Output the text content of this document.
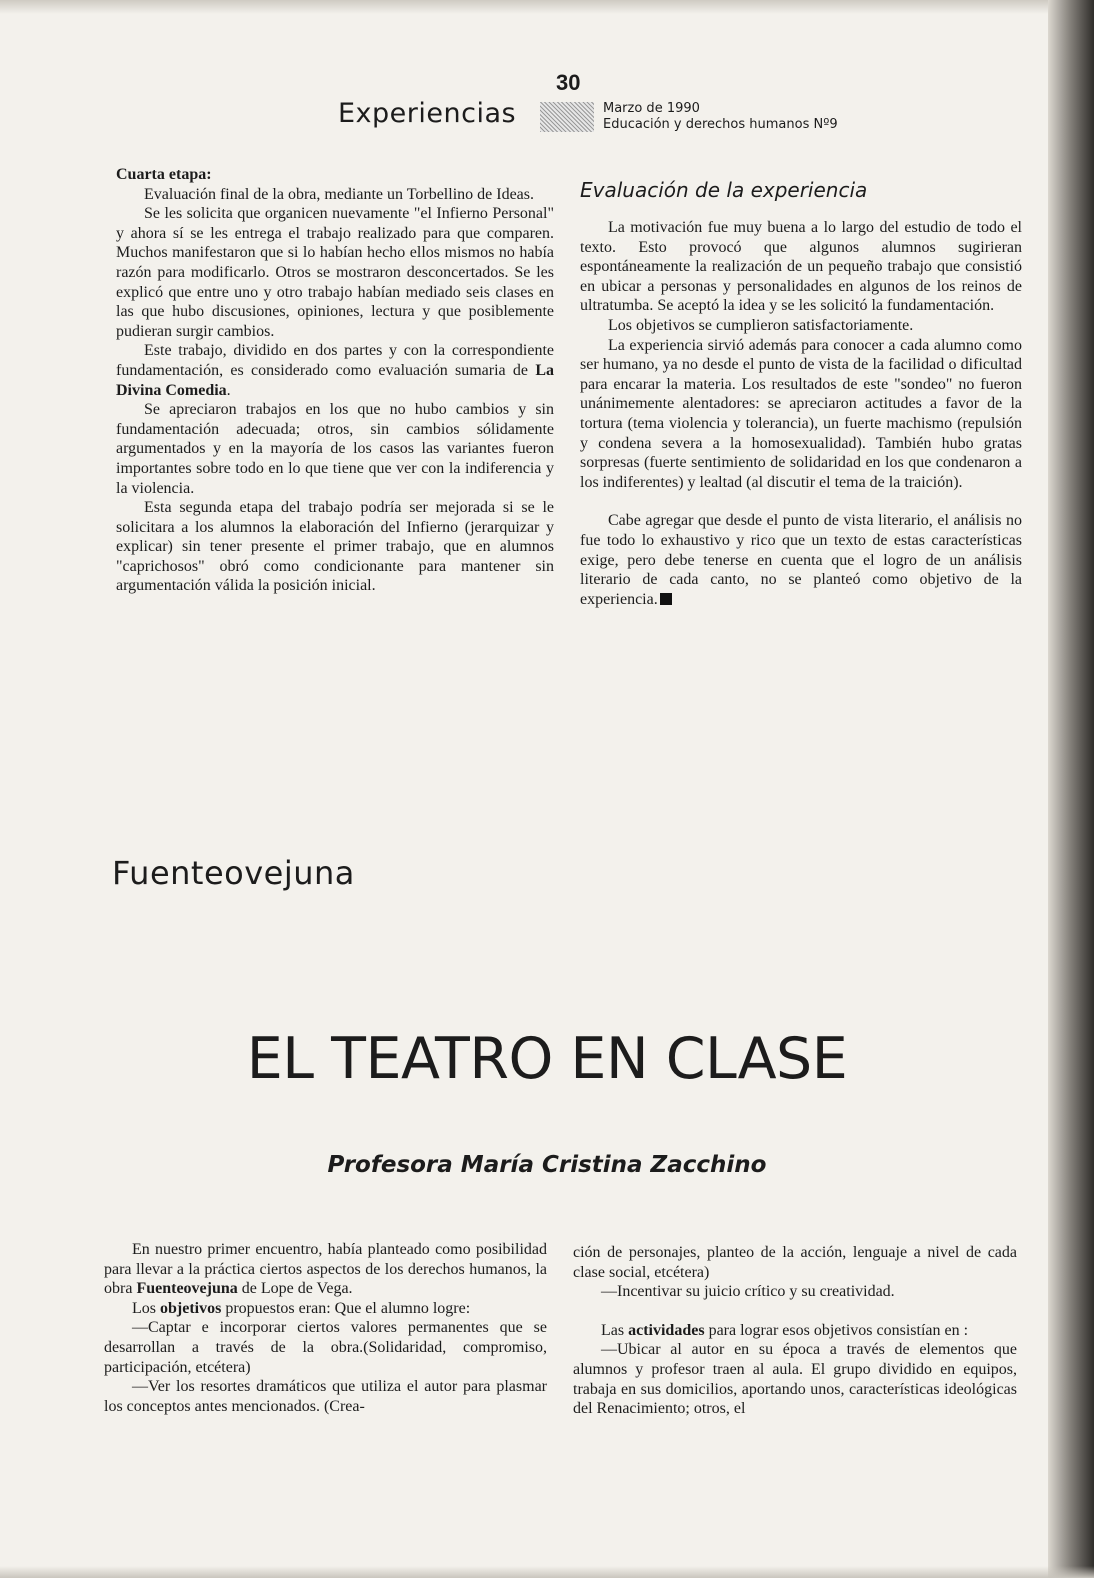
30
Experiencias	Marzo de 1990
Educación y derechos humanos Nº9

Cuarta etapa:

Evaluación final de la obra, mediante un Torbellino de Ideas.

Se les solicita que organicen nuevamente "el Infierno Personal" y ahora sí se les entrega el trabajo realizado para que comparen. Muchos manifestaron que si lo habían hecho ellos mismos no había razón para modificarlo. Otros se mostraron desconcertados. Se les explicó que entre uno y otro trabajo habían mediado seis clases en las que hubo discusiones, opiniones, lectura y que posiblemente pudieran surgir cambios.

Este trabajo, dividido en dos partes y con la correspondiente fundamentación, es considerado como evaluación sumaria de La Divina Comedia.

Se apreciaron trabajos en los que no hubo cambios y sin fundamentación adecuada; otros, sin cambios sólidamente argumentados y en la mayoría de los casos las variantes fueron importantes sobre todo en lo que tiene que ver con la indiferencia y la violencia.

Esta segunda etapa del trabajo podría ser mejorada si se le solicitara a los alumnos la elaboración del Infierno (jerarquizar y explicar) sin tener presente el primer trabajo, que en alumnos "caprichosos" obró como condicionante para mantener sin argumentación válida la posición inicial.

Evaluación de la experiencia

La motivación fue muy buena a lo largo del estudio de todo el texto. Esto provocó que algunos alumnos sugirieran espontáneamente la realización de un pequeño trabajo que consistió en ubicar a personas y personalidades en algunos de los reinos de ultratumba. Se aceptó la idea y se les solicitó la fundamentación.

Los objetivos se cumplieron satisfactoriamente.

La experiencia sirvió además para conocer a cada alumno como ser humano, ya no desde el punto de vista de la facilidad o dificultad para encarar la materia. Los resultados de este "sondeo" no fueron unánimemente alentadores: se apreciaron actitudes a favor de la tortura (tema violencia y tolerancia), un fuerte machismo (repulsión y condena severa a la homosexualidad). También hubo gratas sorpresas (fuerte sentimiento de solidaridad en los que condenaron a los indiferentes) y lealtad (al discutir el tema de la traición).

Cabe agregar que desde el punto de vista literario, el análisis no fue todo lo exhaustivo y rico que un texto de estas características exige, pero debe tenerse en cuenta que el logro de un análisis literario de cada canto, no se planteó como objetivo de la experiencia.

Fuenteovejuna
EL TEATRO EN CLASE
Profesora María Cristina Zacchino

En nuestro primer encuentro, había planteado como posibilidad para llevar a la práctica ciertos aspectos de los derechos humanos, la obra Fuenteovejuna de Lope de Vega.

Los objetivos propuestos eran: Que el alumno logre:

—Captar e incorporar ciertos valores permanentes que se desarrollan a través de la obra.(Solidaridad, compromiso, participación, etcétera)

—Ver los resortes dramáticos que utiliza el autor para plasmar los conceptos antes mencionados. (Crea-

ción de personajes, planteo de la acción, lenguaje a nivel de cada clase social, etcétera)

—Incentivar su juicio crítico y su creatividad.

Las actividades para lograr esos objetivos consistían en :

—Ubicar al autor en su época a través de elementos que alumnos y profesor traen al aula. El grupo dividido en equipos, trabaja en sus domicilios, aportando unos, características ideológicas del Renacimiento; otros, el
